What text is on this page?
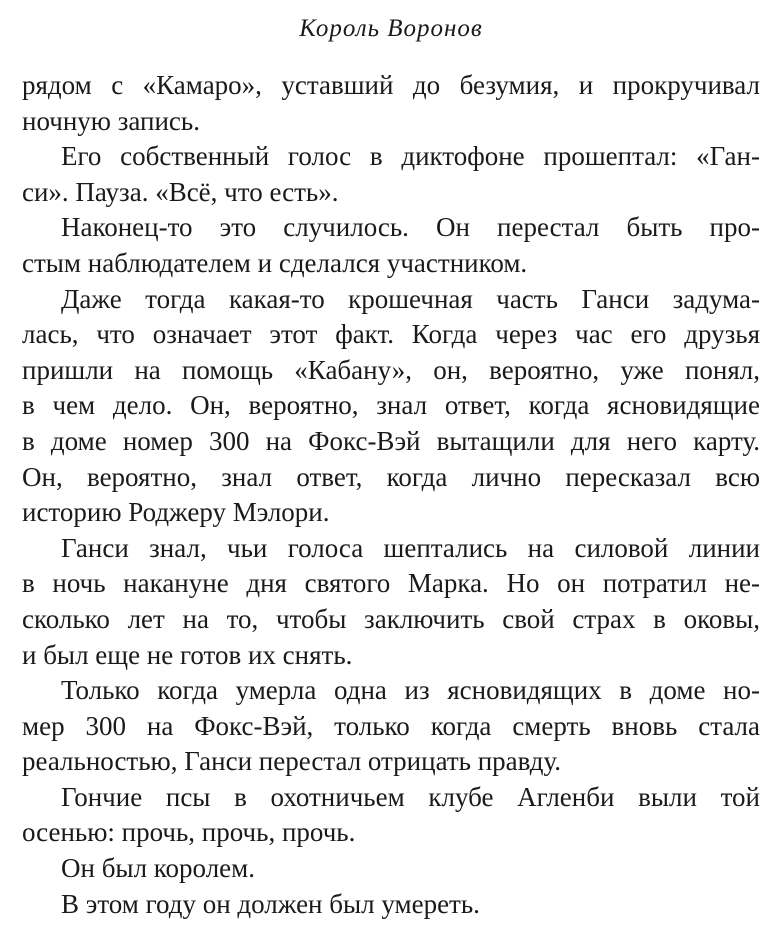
Король Воронов
рядом с «Камаро», уставший до безумия, и прокручивал
ночную запись.
Его собственный голос в диктофоне прошептал: «Ган-
си». Пауза. «Всё, что есть».
Наконец-то это случилось. Он перестал быть про-
стым наблюдателем и сделался участником.
Даже тогда какая-то крошечная часть Ганси задума-
лась, что означает этот факт. Когда через час его друзья
пришли на помощь «Кабану», он, вероятно, уже понял,
в чем дело. Он, вероятно, знал ответ, когда ясновидящие
в доме номер 300 на Фокс-Вэй вытащили для него карту.
Он, вероятно, знал ответ, когда лично пересказал всю
историю Роджеру Мэлори.
Ганси знал, чьи голоса шептались на силовой линии
в ночь накануне дня святого Марка. Но он потратил не-
сколько лет на то, чтобы заключить свой страх в оковы,
и был еще не готов их снять.
Только когда умерла одна из ясновидящих в доме но-
мер 300 на Фокс-Вэй, только когда смерть вновь стала
реальностью, Ганси перестал отрицать правду.
Гончие псы в охотничьем клубе Агленби выли той
осенью: прочь, прочь, прочь.
Он был королем.
В этом году он должен был умереть.
